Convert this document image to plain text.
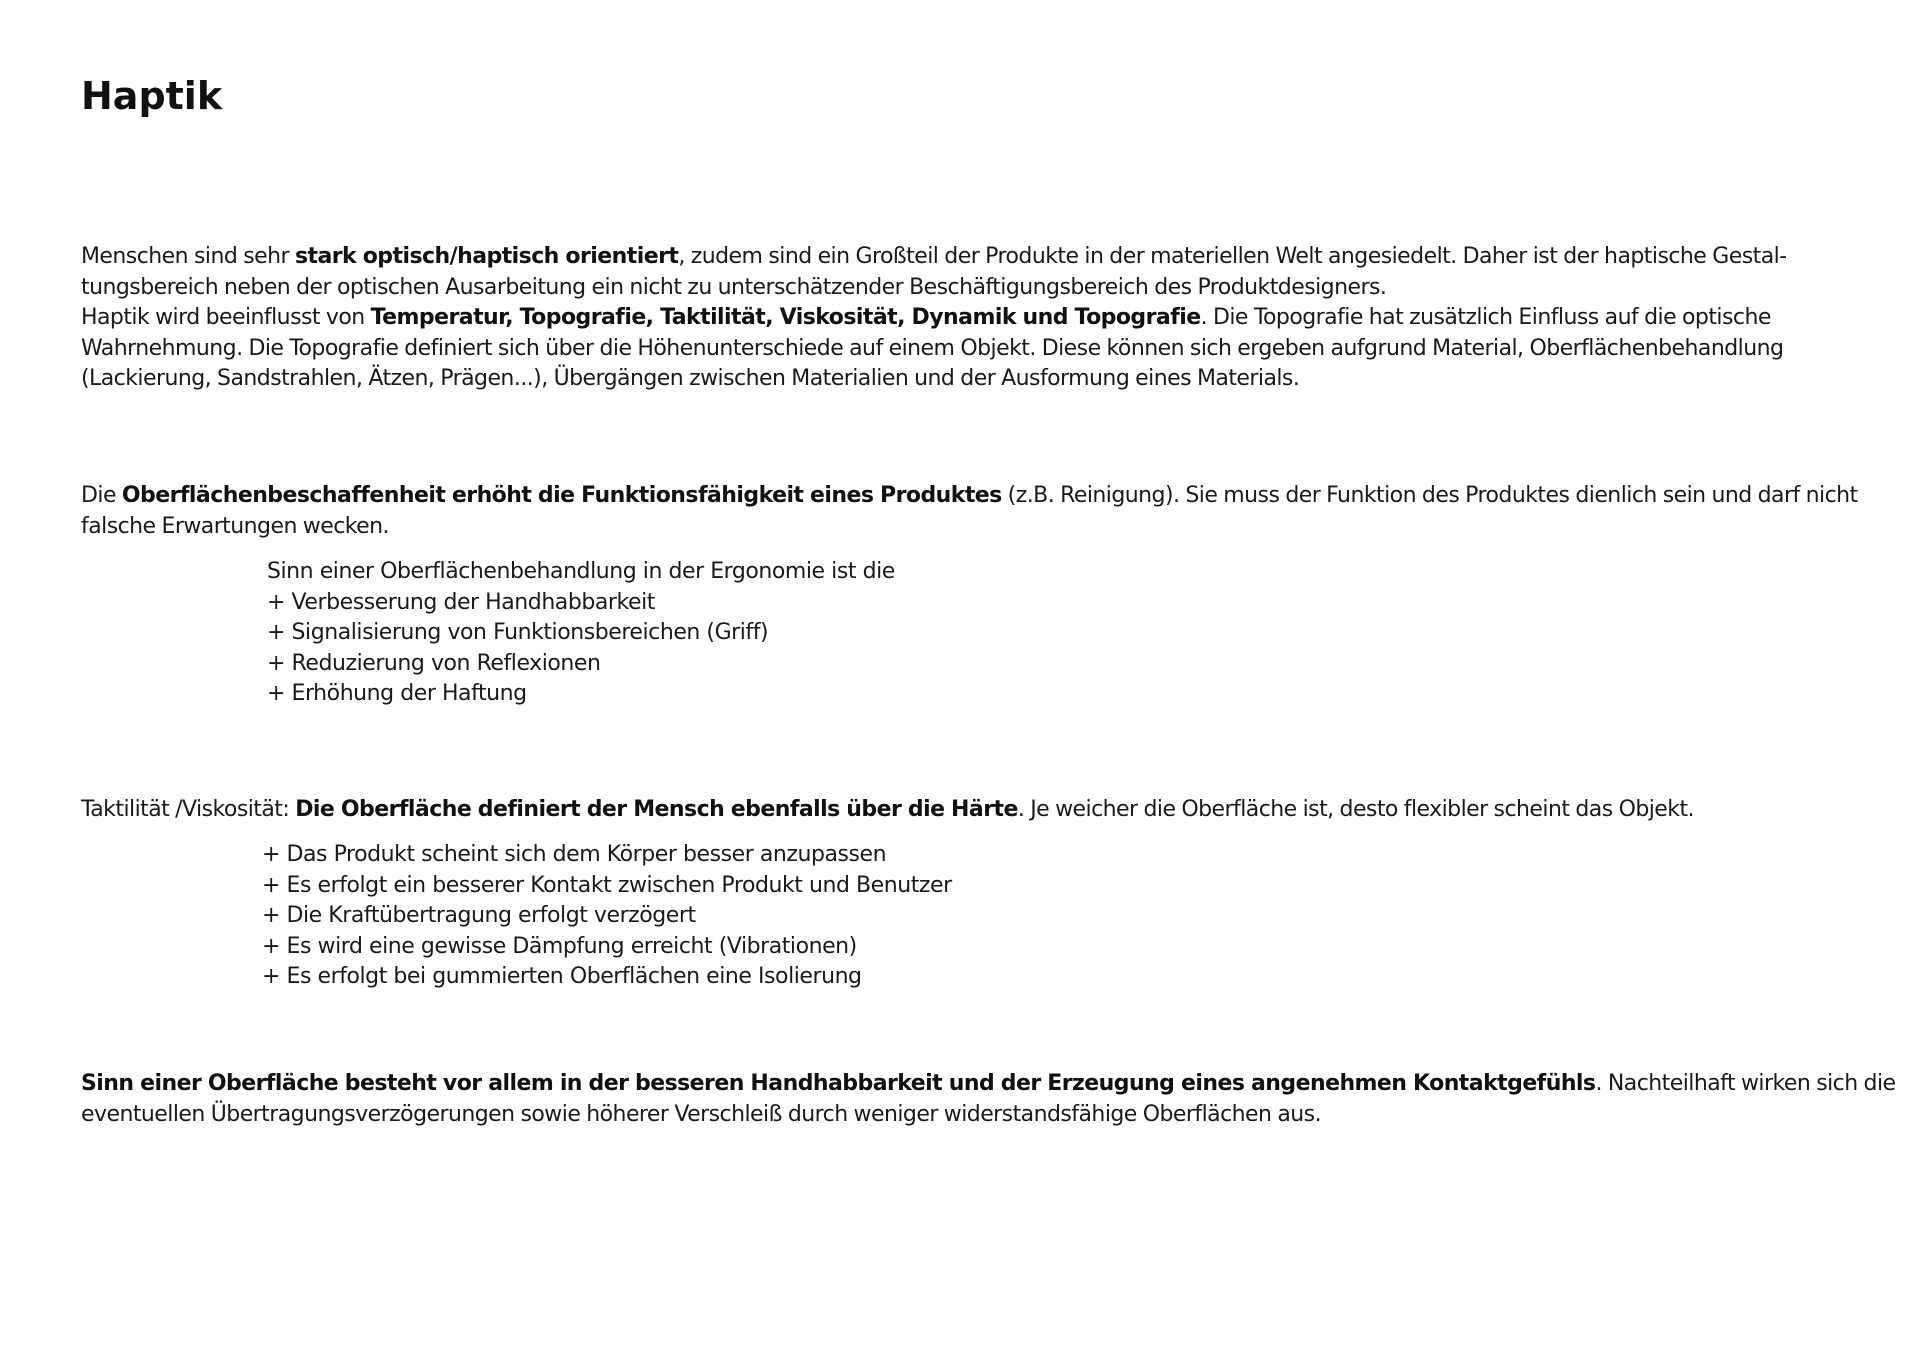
Haptik

Menschen sind sehr stark optisch/haptisch orientiert, zudem sind ein Großteil der Produkte in der materiellen Welt angesiedelt. Daher ist der haptische Gestal-
tungsbereich neben der optischen Ausarbeitung ein nicht zu unterschätzender Beschäftigungsbereich des Produktdesigners.
Haptik wird beeinflusst von Temperatur, Topografie, Taktilität, Viskosität, Dynamik und Topografie. Die Topografie hat zusätzlich Einfluss auf die optische
Wahrnehmung. Die Topografie definiert sich über die Höhenunterschiede auf einem Objekt. Diese können sich ergeben aufgrund Material, Oberflächenbehandlung
(Lackierung, Sandstrahlen, Ätzen, Prägen...), Übergängen zwischen Materialien und der Ausformung eines Materials.

Die Oberflächenbeschaffenheit erhöht die Funktionsfähigkeit eines Produktes (z.B. Reinigung). Sie muss der Funktion des Produktes dienlich sein und darf nicht
falsche Erwartungen wecken.

Sinn einer Oberflächenbehandlung in der Ergonomie ist die
+ Verbesserung der Handhabbarkeit
+ Signalisierung von Funktionsbereichen (Griff)
+ Reduzierung von Reflexionen
+ Erhöhung der Haftung

Taktilität /Viskosität: Die Oberfläche definiert der Mensch ebenfalls über die Härte. Je weicher die Oberfläche ist, desto flexibler scheint das Objekt.

+ Das Produkt scheint sich dem Körper besser anzupassen
+ Es erfolgt ein besserer Kontakt zwischen Produkt und Benutzer
+ Die Kraftübertragung erfolgt verzögert
+ Es wird eine gewisse Dämpfung erreicht (Vibrationen)
+ Es erfolgt bei gummierten Oberflächen eine Isolierung

Sinn einer Oberfläche besteht vor allem in der besseren Handhabbarkeit und der Erzeugung eines angenehmen Kontaktgefühls. Nachteilhaft wirken sich die
eventuellen Übertragungsverzögerungen sowie höherer Verschleiß durch weniger widerstandsfähige Oberflächen aus.
